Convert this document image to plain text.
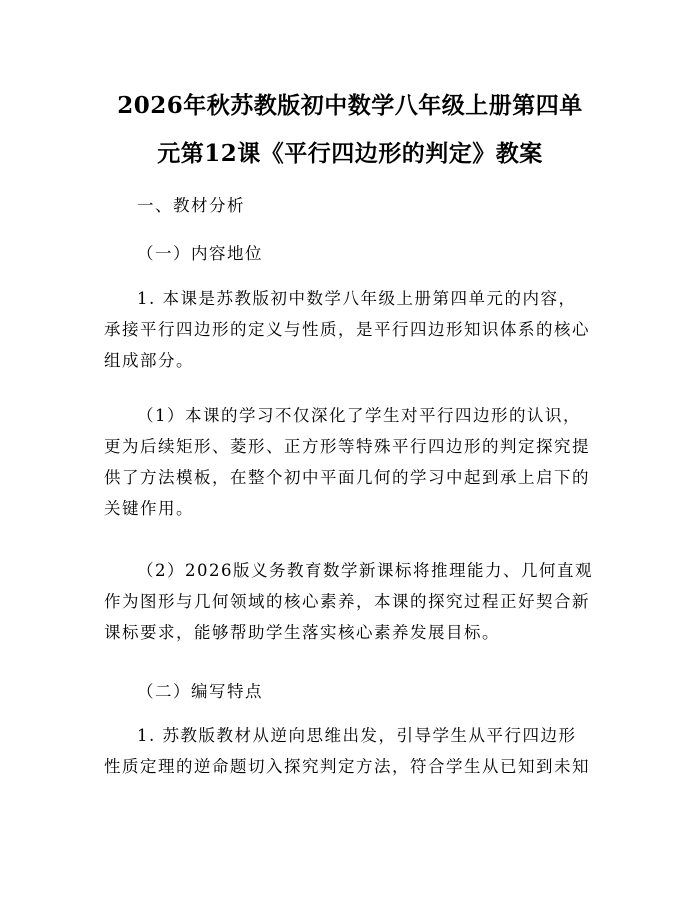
2026年秋苏教版初中数学八年级上册第四单
元第12课《平行四边形的判定》教案
一、教材分析
（一）内容地位
1. 本课是苏教版初中数学八年级上册第四单元的内容，
承接平行四边形的定义与性质，是平行四边形知识体系的核心
组成部分。
（1）本课的学习不仅深化了学生对平行四边形的认识，
更为后续矩形、菱形、正方形等特殊平行四边形的判定探究提
供了方法模板，在整个初中平面几何的学习中起到承上启下的
关键作用。
（2）2026版义务教育数学新课标将推理能力、几何直观
作为图形与几何领域的核心素养，本课的探究过程正好契合新
课标要求，能够帮助学生落实核心素养发展目标。
（二）编写特点
1. 苏教版教材从逆向思维出发，引导学生从平行四边形
性质定理的逆命题切入探究判定方法，符合学生从已知到未知
